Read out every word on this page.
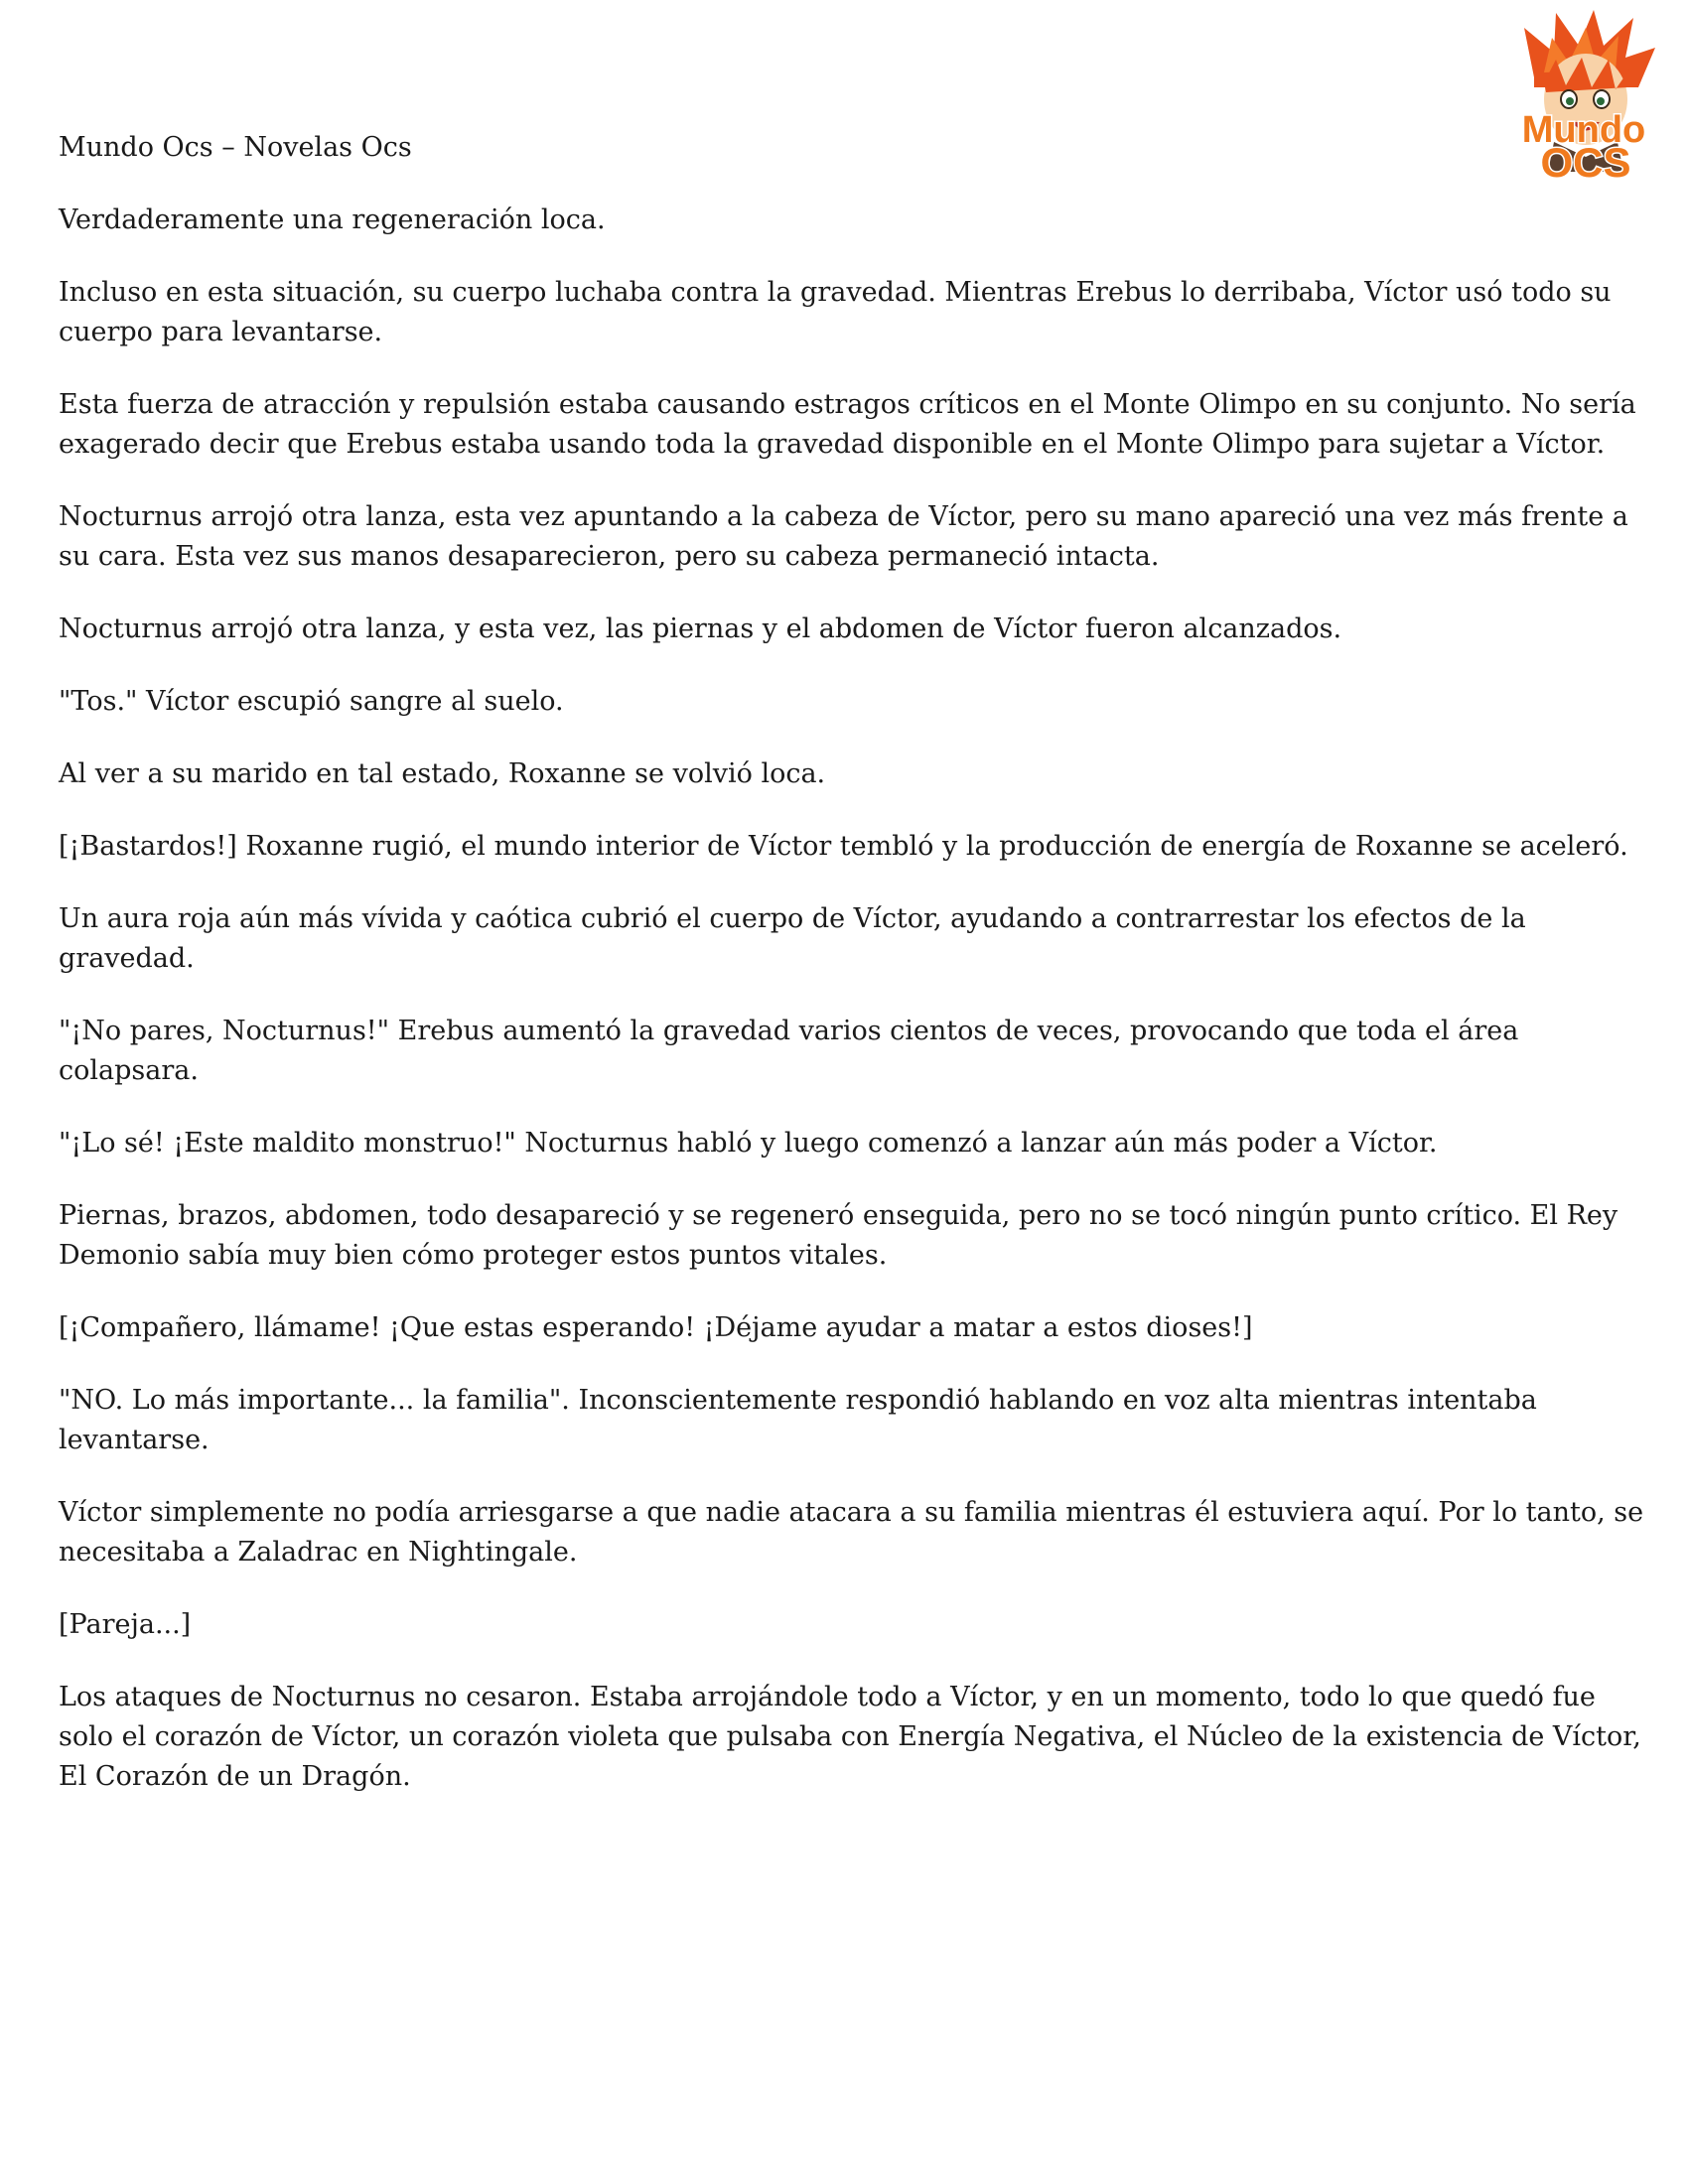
Mundo
OCS

Mundo Ocs – Novelas Ocs

Verdaderamente una regeneración loca.

Incluso en esta situación, su cuerpo luchaba contra la gravedad. Mientras Erebus lo derribaba, Víctor usó todo su cuerpo para levantarse.

Esta fuerza de atracción y repulsión estaba causando estragos críticos en el Monte Olimpo en su conjunto. No sería exagerado decir que Erebus estaba usando toda la gravedad disponible en el Monte Olimpo para sujetar a Víctor.

Nocturnus arrojó otra lanza, esta vez apuntando a la cabeza de Víctor, pero su mano apareció una vez más frente a su cara. Esta vez sus manos desaparecieron, pero su cabeza permaneció intacta.

Nocturnus arrojó otra lanza, y esta vez, las piernas y el abdomen de Víctor fueron alcanzados.

"Tos." Víctor escupió sangre al suelo.

Al ver a su marido en tal estado, Roxanne se volvió loca.

[¡Bastardos!] Roxanne rugió, el mundo interior de Víctor tembló y la producción de energía de Roxanne se aceleró.

Un aura roja aún más vívida y caótica cubrió el cuerpo de Víctor, ayudando a contrarrestar los efectos de la gravedad.

"¡No pares, Nocturnus!" Erebus aumentó la gravedad varios cientos de veces, provocando que toda el área colapsara.

"¡Lo sé! ¡Este maldito monstruo!" Nocturnus habló y luego comenzó a lanzar aún más poder a Víctor.

Piernas, brazos, abdomen, todo desapareció y se regeneró enseguida, pero no se tocó ningún punto crítico. El Rey Demonio sabía muy bien cómo proteger estos puntos vitales.

[¡Compañero, llámame! ¡Que estas esperando! ¡Déjame ayudar a matar a estos dioses!]

"NO. Lo más importante... la familia". Inconscientemente respondió hablando en voz alta mientras intentaba levantarse.

Víctor simplemente no podía arriesgarse a que nadie atacara a su familia mientras él estuviera aquí. Por lo tanto, se necesitaba a Zaladrac en Nightingale.

[Pareja...]

Los ataques de Nocturnus no cesaron. Estaba arrojándole todo a Víctor, y en un momento, todo lo que quedó fue solo el corazón de Víctor, un corazón violeta que pulsaba con Energía Negativa, el Núcleo de la existencia de Víctor, El Corazón de un Dragón.
